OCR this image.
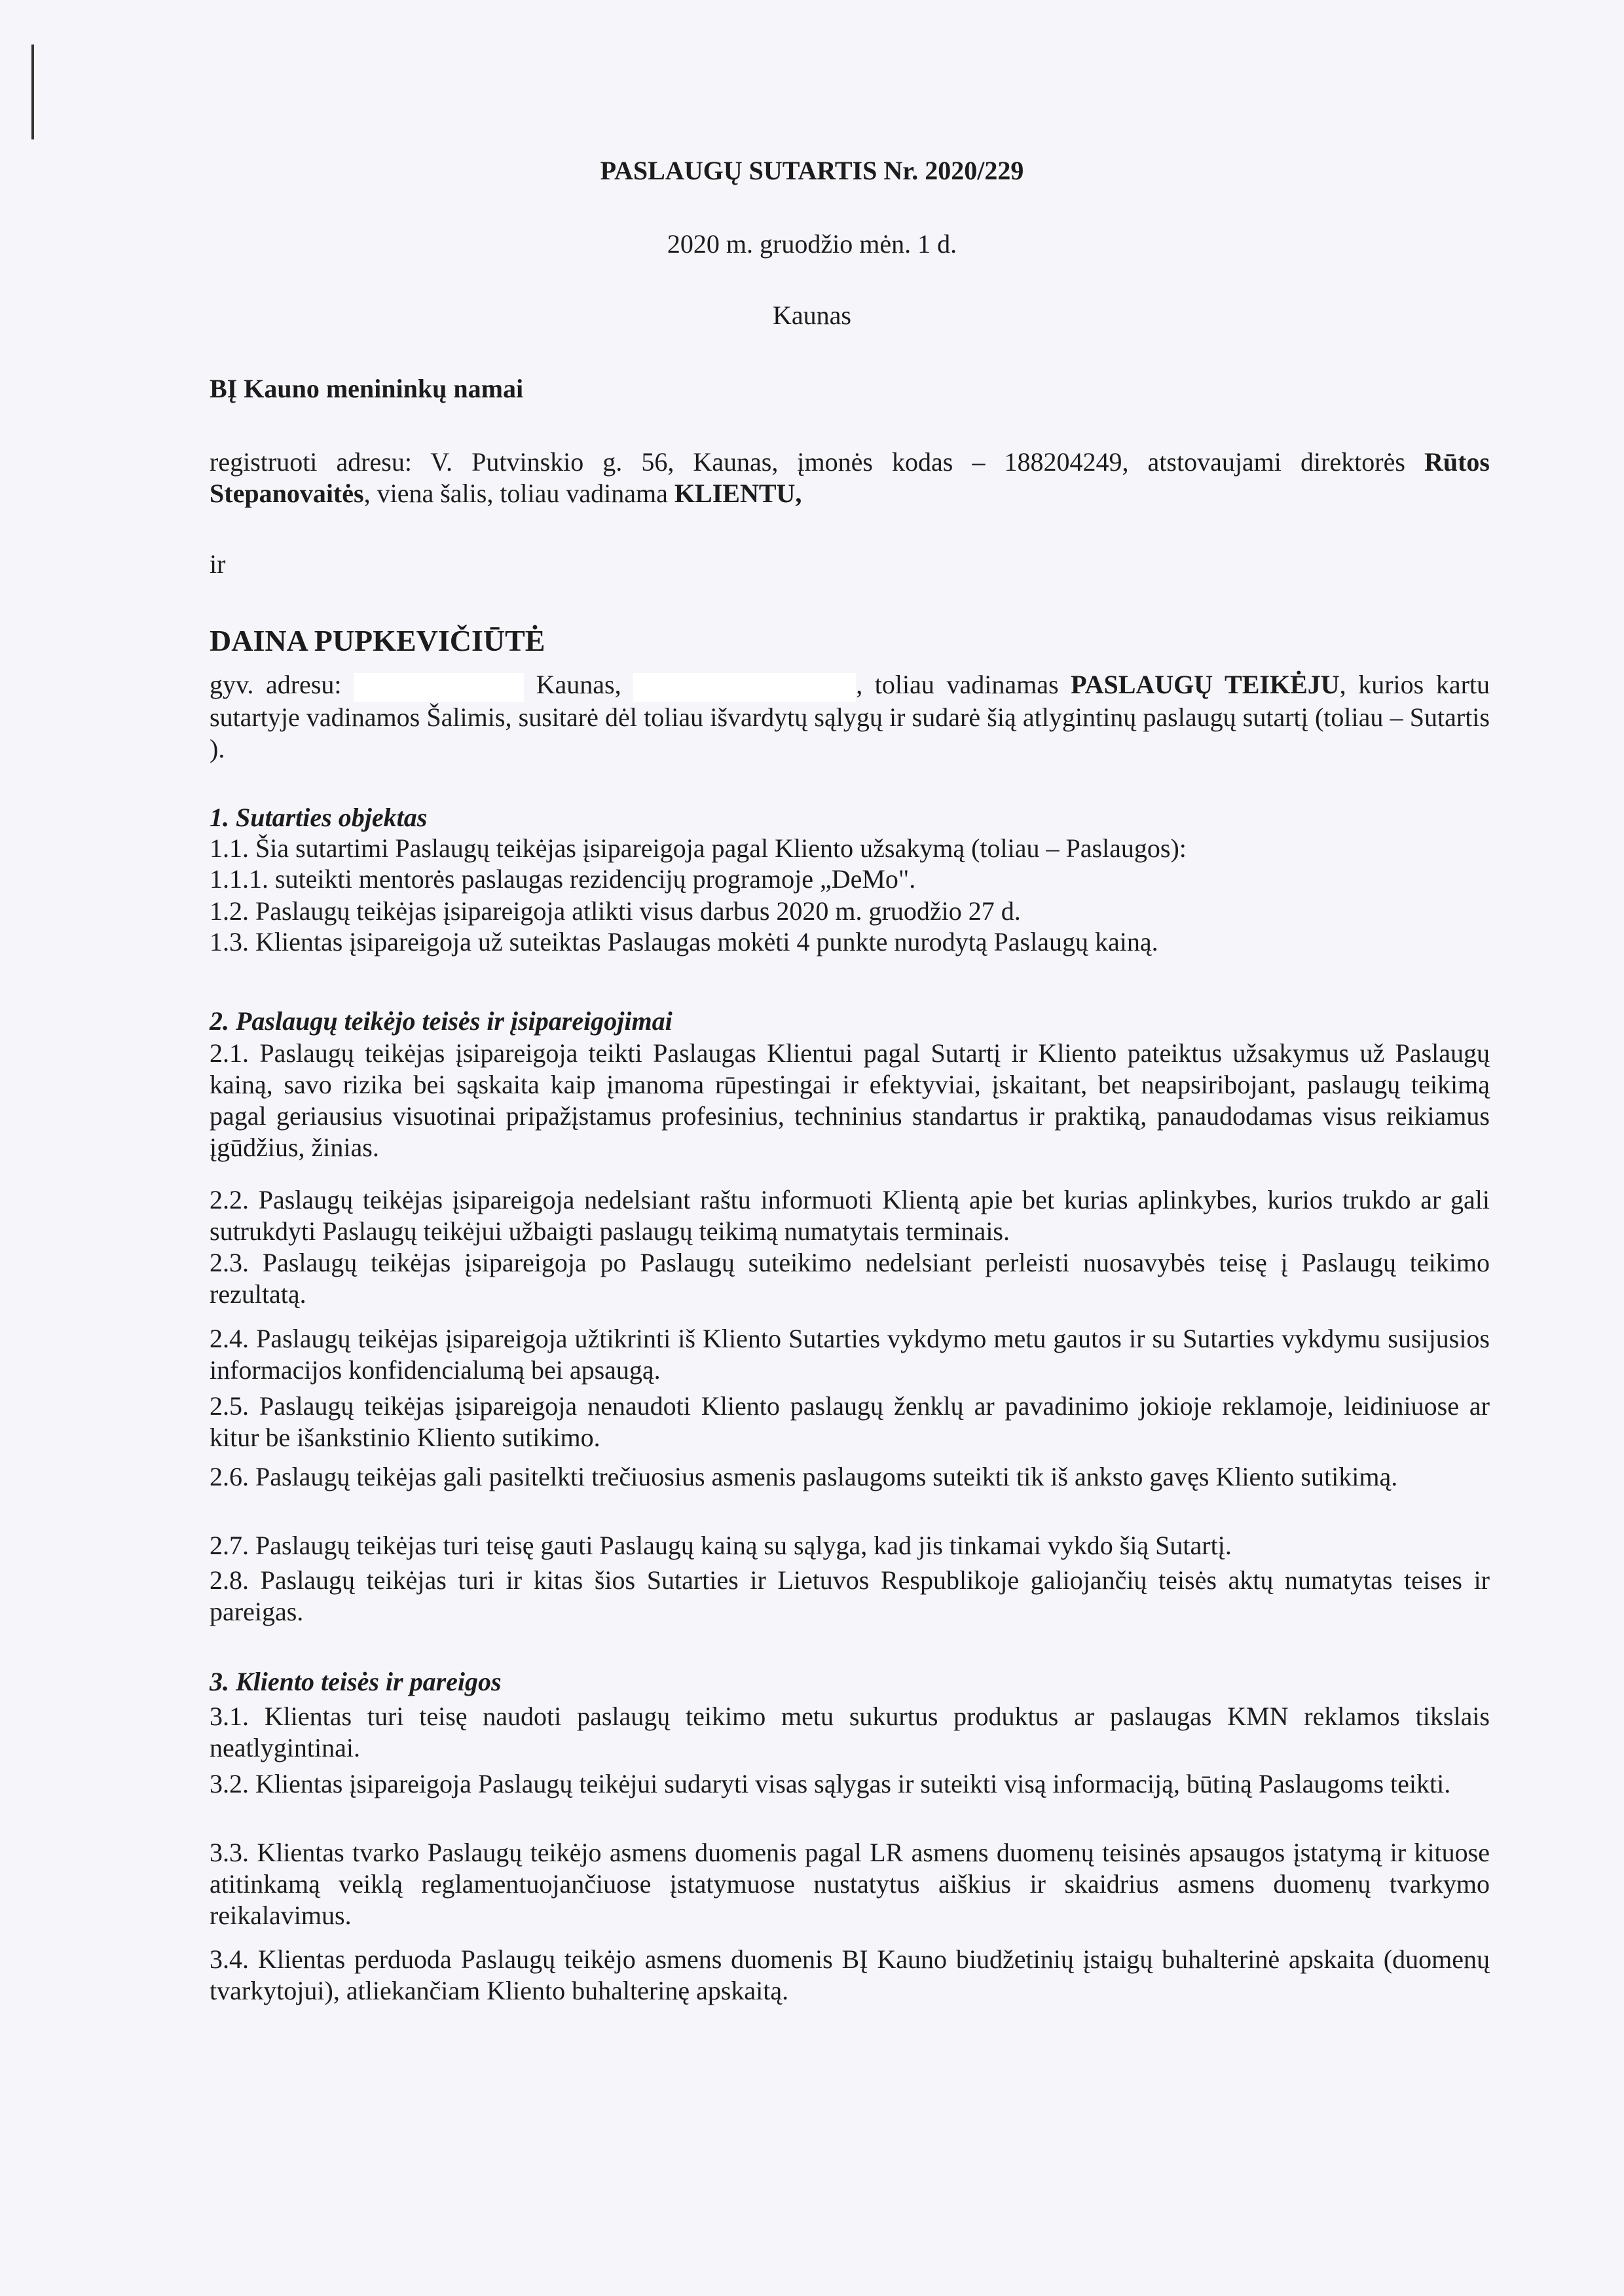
PASLAUGŲ SUTARTIS Nr. 2020/229
2020 m. gruodžio mėn. 1 d.
Kaunas
BĮ Kauno menininkų namai
registruoti adresu: V. Putvinskio g. 56, Kaunas, įmonės kodas – 188204249, atstovaujami direktorės Rūtos Stepanovaitės, viena šalis, toliau vadinama KLIENTU,
ir
DAINA PUPKEVIČIŪTĖ
gyv. adresu:	Kaunas,	, toliau vadinamas PASLAUGŲ TEIKĖJU, kurios kartu sutartyje vadinamos Šalimis, susitarė dėl toliau išvardytų sąlygų ir sudarė šią atlygintinų paslaugų sutartį (toliau – Sutartis ).
1. Sutarties objektas
1.1. Šia sutartimi Paslaugų teikėjas įsipareigoja pagal Kliento užsakymą (toliau – Paslaugos):
1.1.1. suteikti mentorės paslaugas rezidencijų programoje „DeMo".
1.2. Paslaugų teikėjas įsipareigoja atlikti visus darbus 2020 m. gruodžio 27 d.
1.3. Klientas įsipareigoja už suteiktas Paslaugas mokėti 4 punkte nurodytą Paslaugų kainą.
2. Paslaugų teikėjo teisės ir įsipareigojimai
2.1. Paslaugų teikėjas įsipareigoja teikti Paslaugas Klientui pagal Sutartį ir Kliento pateiktus užsakymus už Paslaugų kainą, savo rizika bei sąskaita kaip įmanoma rūpestingai ir efektyviai, įskaitant, bet neapsiribojant, paslaugų teikimą pagal geriausius visuotinai pripažįstamus profesinius, techninius standartus ir praktiką, panaudodamas visus reikiamus įgūdžius, žinias.
2.2. Paslaugų teikėjas įsipareigoja nedelsiant raštu informuoti Klientą apie bet kurias aplinkybes, kurios trukdo ar gali sutrukdyti Paslaugų teikėjui užbaigti paslaugų teikimą numatytais terminais.
2.3. Paslaugų teikėjas įsipareigoja po Paslaugų suteikimo nedelsiant perleisti nuosavybės teisę į Paslaugų teikimo rezultatą.
2.4. Paslaugų teikėjas įsipareigoja užtikrinti iš Kliento Sutarties vykdymo metu gautos ir su Sutarties vykdymu susijusios informacijos konfidencialumą bei apsaugą.
2.5. Paslaugų teikėjas įsipareigoja nenaudoti Kliento paslaugų ženklų ar pavadinimo jokioje reklamoje, leidiniuose ar kitur be išankstinio Kliento sutikimo.
2.6. Paslaugų teikėjas gali pasitelkti trečiuosius asmenis paslaugoms suteikti tik iš anksto gavęs Kliento sutikimą.
2.7. Paslaugų teikėjas turi teisę gauti Paslaugų kainą su sąlyga, kad jis tinkamai vykdo šią Sutartį.
2.8. Paslaugų teikėjas turi ir kitas šios Sutarties ir Lietuvos Respublikoje galiojančių teisės aktų numatytas teises ir pareigas.
3. Kliento teisės ir pareigos
3.1. Klientas turi teisę naudoti paslaugų teikimo metu sukurtus produktus ar paslaugas KMN reklamos tikslais neatlygintinai.
3.2. Klientas įsipareigoja Paslaugų teikėjui sudaryti visas sąlygas ir suteikti visą informaciją, būtiną Paslaugoms teikti.
3.3. Klientas tvarko Paslaugų teikėjo asmens duomenis pagal LR asmens duomenų teisinės apsaugos įstatymą ir kituose atitinkamą veiklą reglamentuojančiuose įstatymuose nustatytus aiškius ir skaidrius asmens duomenų tvarkymo reikalavimus.
3.4. Klientas perduoda Paslaugų teikėjo asmens duomenis BĮ Kauno biudžetinių įstaigų buhalterinė apskaita (duomenų tvarkytojui), atliekančiam Kliento buhalterinę apskaitą.
